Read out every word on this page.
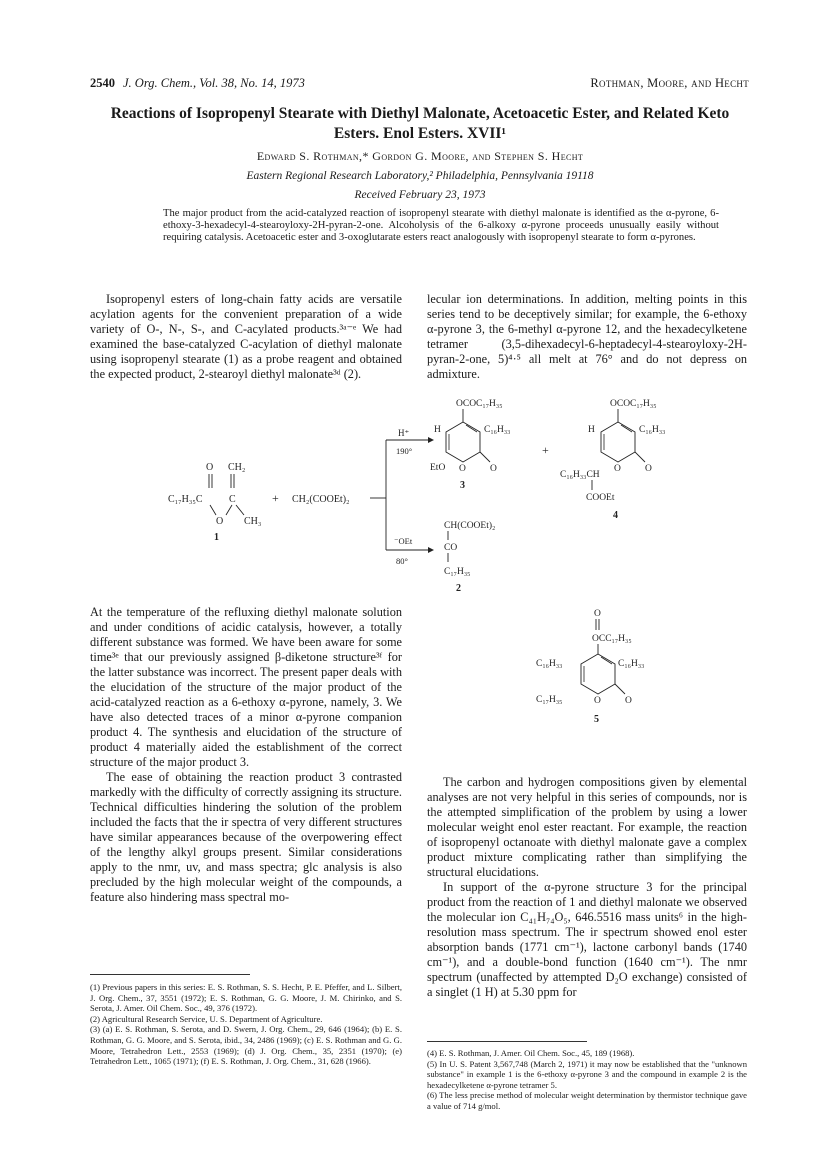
2540 J. Org. Chem., Vol. 38, No. 14, 1973	Rothman, Moore, and Hecht
Reactions of Isopropenyl Stearate with Diethyl Malonate, Acetoacetic Ester, and Related Keto Esters. Enol Esters. XVII¹
Edward S. Rothman,* Gordon G. Moore, and Stephen S. Hecht
Eastern Regional Research Laboratory,² Philadelphia, Pennsylvania 19118
Received February 23, 1973
The major product from the acid-catalyzed reaction of isopropenyl stearate with diethyl malonate is identified as the α-pyrone, 6-ethoxy-3-hexadecyl-4-stearoyloxy-2H-pyran-2-one. Alcoholysis of the 6-alkoxy α-pyrone proceeds unusually easily without requiring catalysis. Acetoacetic ester and 3-oxoglutarate esters react analogously with isopropenyl stearate to form α-pyrones.

Isopropenyl esters of long-chain fatty acids are versatile acylation agents for the convenient preparation of a wide variety of O-, N-, S-, and C-acylated products.³ᵃ⁻ᵉ We had examined the base-catalyzed C-acylation of diethyl malonate using isopropenyl stearate (1) as a probe reagent and obtained the expected product, 2-stearoyl diethyl malonate³ᵈ (2).

lecular ion determinations. In addition, melting points in this series tend to be deceptively similar; for example, the 6-ethoxy α-pyrone 3, the 6-methyl α-pyrone 12, and the hexadecylketene tetramer (3,5-dihexadecyl-6-heptadecyl-4-stearoyloxy-2H-pyran-2-one, 5)⁴·⁵ all melt at 76° and do not depress on admixture.

O CH₂
C₁₇H₃₅C	C
O CH₃
1
+ CH₂(COOEt)₂
H⁺
190°
⁻OEt
80°
OCOC₁₇H₃₅
H	C₁₆H₃₃
EtO O	O
3
+
OCOC₁₇H₃₅
H	C₁₆H₃₃
C₁₆H₃₃CH
O	O
COOEt
4
CH(COOEt)₂
CO
C₁₇H₃₅
2

At the temperature of the refluxing diethyl malonate solution and under conditions of acidic catalysis, however, a totally different substance was formed. We have been aware for some time³ᵉ that our previously assigned β-diketone structure³ᶠ for the latter substance was incorrect. The present paper deals with the elucidation of the structure of the major product of the acid-catalyzed reaction as a 6-ethoxy α-pyrone, namely, 3. We have also detected traces of a minor α-pyrone companion product 4. The synthesis and elucidation of the structure of product 4 materially aided the establishment of the correct structure of the major product 3.

The ease of obtaining the reaction product 3 contrasted markedly with the difficulty of correctly assigning its structure. Technical difficulties hindering the solution of the problem included the facts that the ir spectra of very different structures have similar appearances because of the overpowering effect of the lengthy alkyl groups present. Similar considerations apply to the nmr, uv, and mass spectra; glc analysis is also precluded by the high molecular weight of the compounds, a feature also hindering mass spectral mo-

O
OCC₁₇H₃₅
C₁₆H₃₃	C₁₆H₃₃
C₁₇H₃₅	O	O
5

The carbon and hydrogen compositions given by elemental analyses are not very helpful in this series of compounds, nor is the attempted simplification of the problem by using a lower molecular weight enol ester reactant. For example, the reaction of isopropenyl octanoate with diethyl malonate gave a complex product mixture complicating rather than simplifying the structural elucidations.

In support of the α-pyrone structure 3 for the principal product from the reaction of 1 and diethyl malonate we observed the molecular ion C₄₁H₇₄O₅, 646.5516 mass units⁶ in the high-resolution mass spectrum. The ir spectrum showed enol ester absorption bands (1771 cm⁻¹), lactone carbonyl bands (1740 cm⁻¹), and a double-bond function (1640 cm⁻¹). The nmr spectrum (unaffected by attempted D₂O exchange) consisted of a singlet (1 H) at 5.30 ppm for

(1) Previous papers in this series: E. S. Rothman, S. S. Hecht, P. E. Pfeffer, and L. Silbert, J. Org. Chem., 37, 3551 (1972); E. S. Rothman, G. G. Moore, J. M. Chirinko, and S. Serota, J. Amer. Oil Chem. Soc., 49, 376 (1972).
(2) Agricultural Research Service, U. S. Department of Agriculture.
(3) (a) E. S. Rothman, S. Serota, and D. Swern, J. Org. Chem., 29, 646 (1964); (b) E. S. Rothman, G. G. Moore, and S. Serota, ibid., 34, 2486 (1969); (c) E. S. Rothman and G. G. Moore, Tetrahedron Lett., 2553 (1969); (d) J. Org. Chem., 35, 2351 (1970); (e) Tetrahedron Lett., 1065 (1971); (f) E. S. Rothman, J. Org. Chem., 31, 628 (1966).
(4) E. S. Rothman, J. Amer. Oil Chem. Soc., 45, 189 (1968).
(5) In U. S. Patent 3,567,748 (March 2, 1971) it may now be established that the "unknown substance" in example 1 is the 6-ethoxy α-pyrone 3 and the compound in example 2 is the hexadecylketene α-pyrone tetramer 5.
(6) The less precise method of molecular weight determination by thermistor technique gave a value of 714 g/mol.
